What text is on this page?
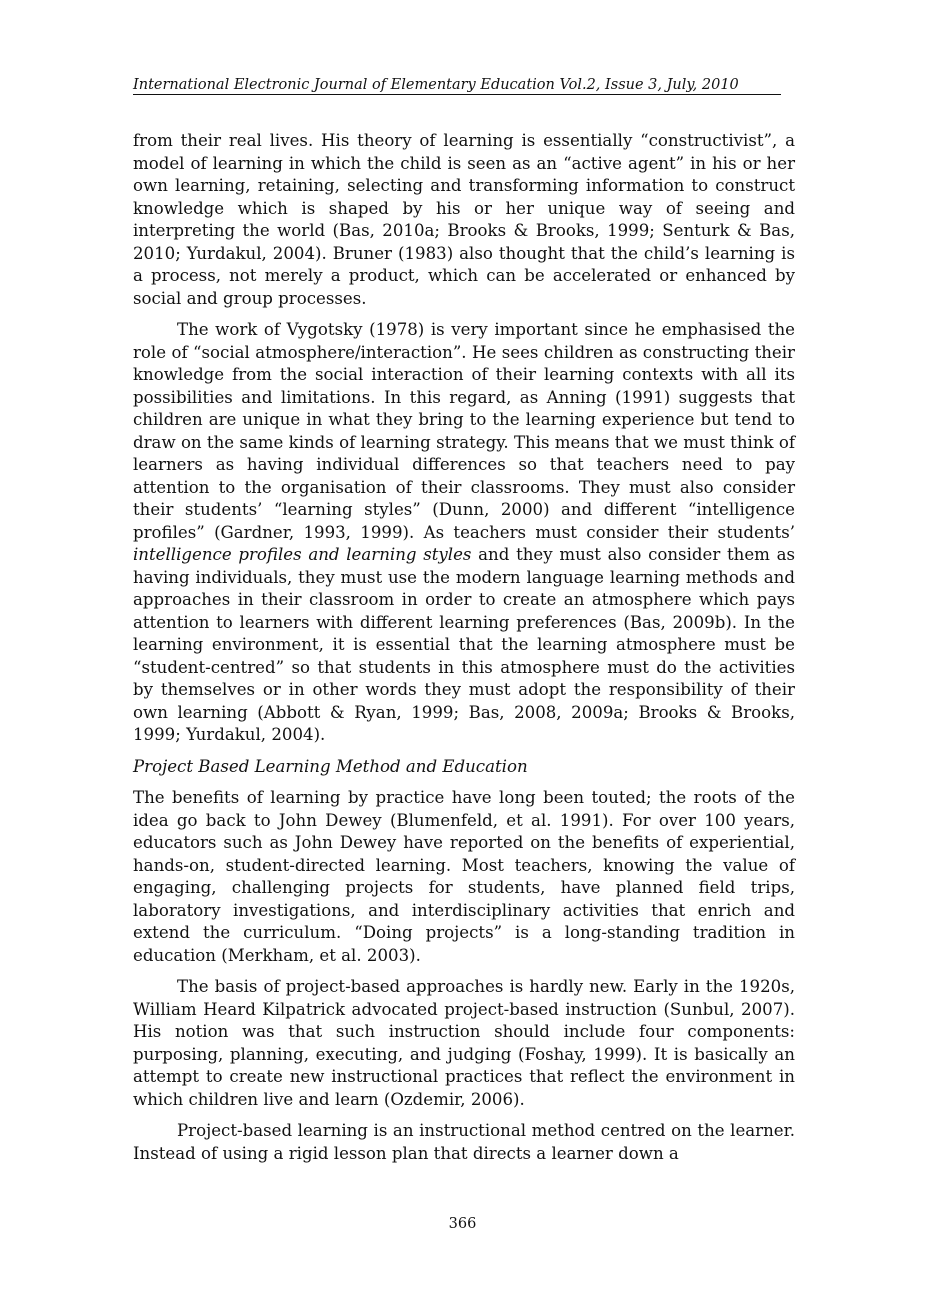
International Electronic Journal of Elementary Education Vol.2, Issue 3, July, 2010

from their real lives. His theory of learning is essentially “constructivist”, a model of learning in which the child is seen as an “active agent” in his or her own learning, retaining, selecting and transforming information to construct knowledge which is shaped by his or her unique way of seeing and interpreting the world (Bas, 2010a; Brooks & Brooks, 1999; Senturk & Bas, 2010; Yurdakul, 2004). Bruner (1983) also thought that the child’s learning is a process, not merely a product, which can be accelerated or enhanced by social and group processes.

The work of Vygotsky (1978) is very important since he emphasised the role of “social atmosphere/interaction”. He sees children as constructing their knowledge from the social interaction of their learning contexts with all its possibilities and limitations. In this regard, as Anning (1991) suggests that children are unique in what they bring to the learning experience but tend to draw on the same kinds of learning strategy. This means that we must think of learners as having individual differences so that teachers need to pay attention to the organisation of their classrooms. They must also consider their students’ “learning styles” (Dunn, 2000) and different “intelligence profiles” (Gardner, 1993, 1999). As teachers must consider their students’ intelligence profiles and learning styles and they must also consider them as having individuals, they must use the modern language learning methods and approaches in their classroom in order to create an atmosphere which pays attention to learners with different learning preferences (Bas, 2009b). In the learning environment, it is essential that the learning atmosphere must be “student-centred” so that students in this atmosphere must do the activities by themselves or in other words they must adopt the responsibility of their own learning (Abbott & Ryan, 1999; Bas, 2008, 2009a; Brooks & Brooks, 1999; Yurdakul, 2004).

Project Based Learning Method and Education

The benefits of learning by practice have long been touted; the roots of the idea go back to John Dewey (Blumenfeld, et al. 1991). For over 100 years, educators such as John Dewey have reported on the benefits of experiential, hands-on, student-directed learning. Most teachers, knowing the value of engaging, challenging projects for students, have planned field trips, laboratory investigations, and interdisciplinary activities that enrich and extend the curriculum. “Doing projects” is a long-standing tradition in education (Merkham, et al. 2003).

The basis of project-based approaches is hardly new. Early in the 1920s, William Heard Kilpatrick advocated project-based instruction (Sunbul, 2007). His notion was that such instruction should include four components: purposing, planning, executing, and judging (Foshay, 1999). It is basically an attempt to create new instructional practices that reflect the environment in which children live and learn (Ozdemir, 2006).

Project-based learning is an instructional method centred on the learner. Instead of using a rigid lesson plan that directs a learner down a

366
